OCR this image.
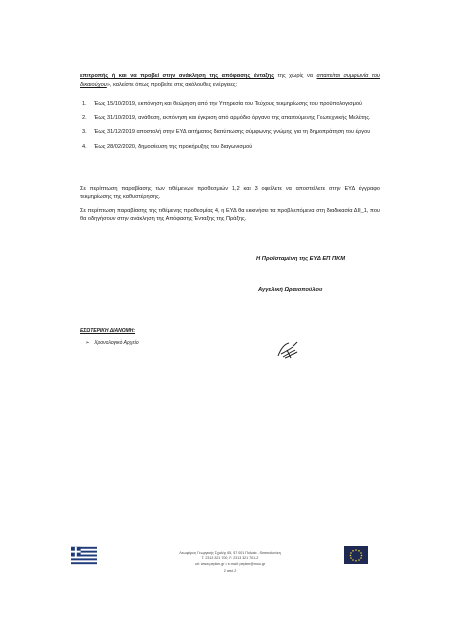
επιτροπής ή και να προβεί στην ανάκληση της απόφασης ένταξης της χωρίς να απαιτείται συμφωνία του δικαιούχου», καλείστε όπως προβείτε στις ακόλουθες ενέργειες:
1. Έως 15/10/2019, εκπόνηση και θεώρηση από την Υπηρεσία του Τεύχους τεκμηρίωσης του προϋπολογισμού
2. Έως 31/10/2019, ανάθεση, εκπόνηση και έγκριση από αρμόδιο όργανο της απαιτούμενης Γεωτεχνικής Μελέτης.
3. Έως 31/12/2019 αποστολή στην ΕΥΔ αιτήματος διατύπωσης σύμφωνης γνώμης για τη δημοπράτηση του έργου
4. Έως 28/02/2020, δημοσίευση της προκήρυξης του διαγωνισμού
Σε περίπτωση παραβίασης των τιθέμενων προθεσμιών 1,2 και 3 οφείλετε να αποστείλετε στην ΕΥΔ έγγραφο τεκμηρίωσης της καθυστέρησης.
Σε περίπτωση παραβίασης της τιθέμενης προθεσμίας 4, η ΕΥΔ θα εκκινήσει τα προβλεπόμενα στη διαδικασία ΔΙΙ_1, που θα οδηγήσουν στην ανάκληση της Απόφασης Ένταξης της Πράξης.
Η Προϊσταμένη της ΕΥΔ ΕΠ ΠΚΜ
Αγγελική Ωραιοπούλου
ΕΣΩΤΕΡΙΚΗ ΔΙΑΝΟΜΗ:
➢ Χρονολογικό Αρχείο
Λεωφόρος Γεωργικής Σχολής 65, 57 001 Πυλαία - Θεσσαλονίκη
Τ. 2313 321 700, F. 2313 321 701-2
url: www.pepkm.gr • e-mail: pepkm@mou.gr
2 από 2
